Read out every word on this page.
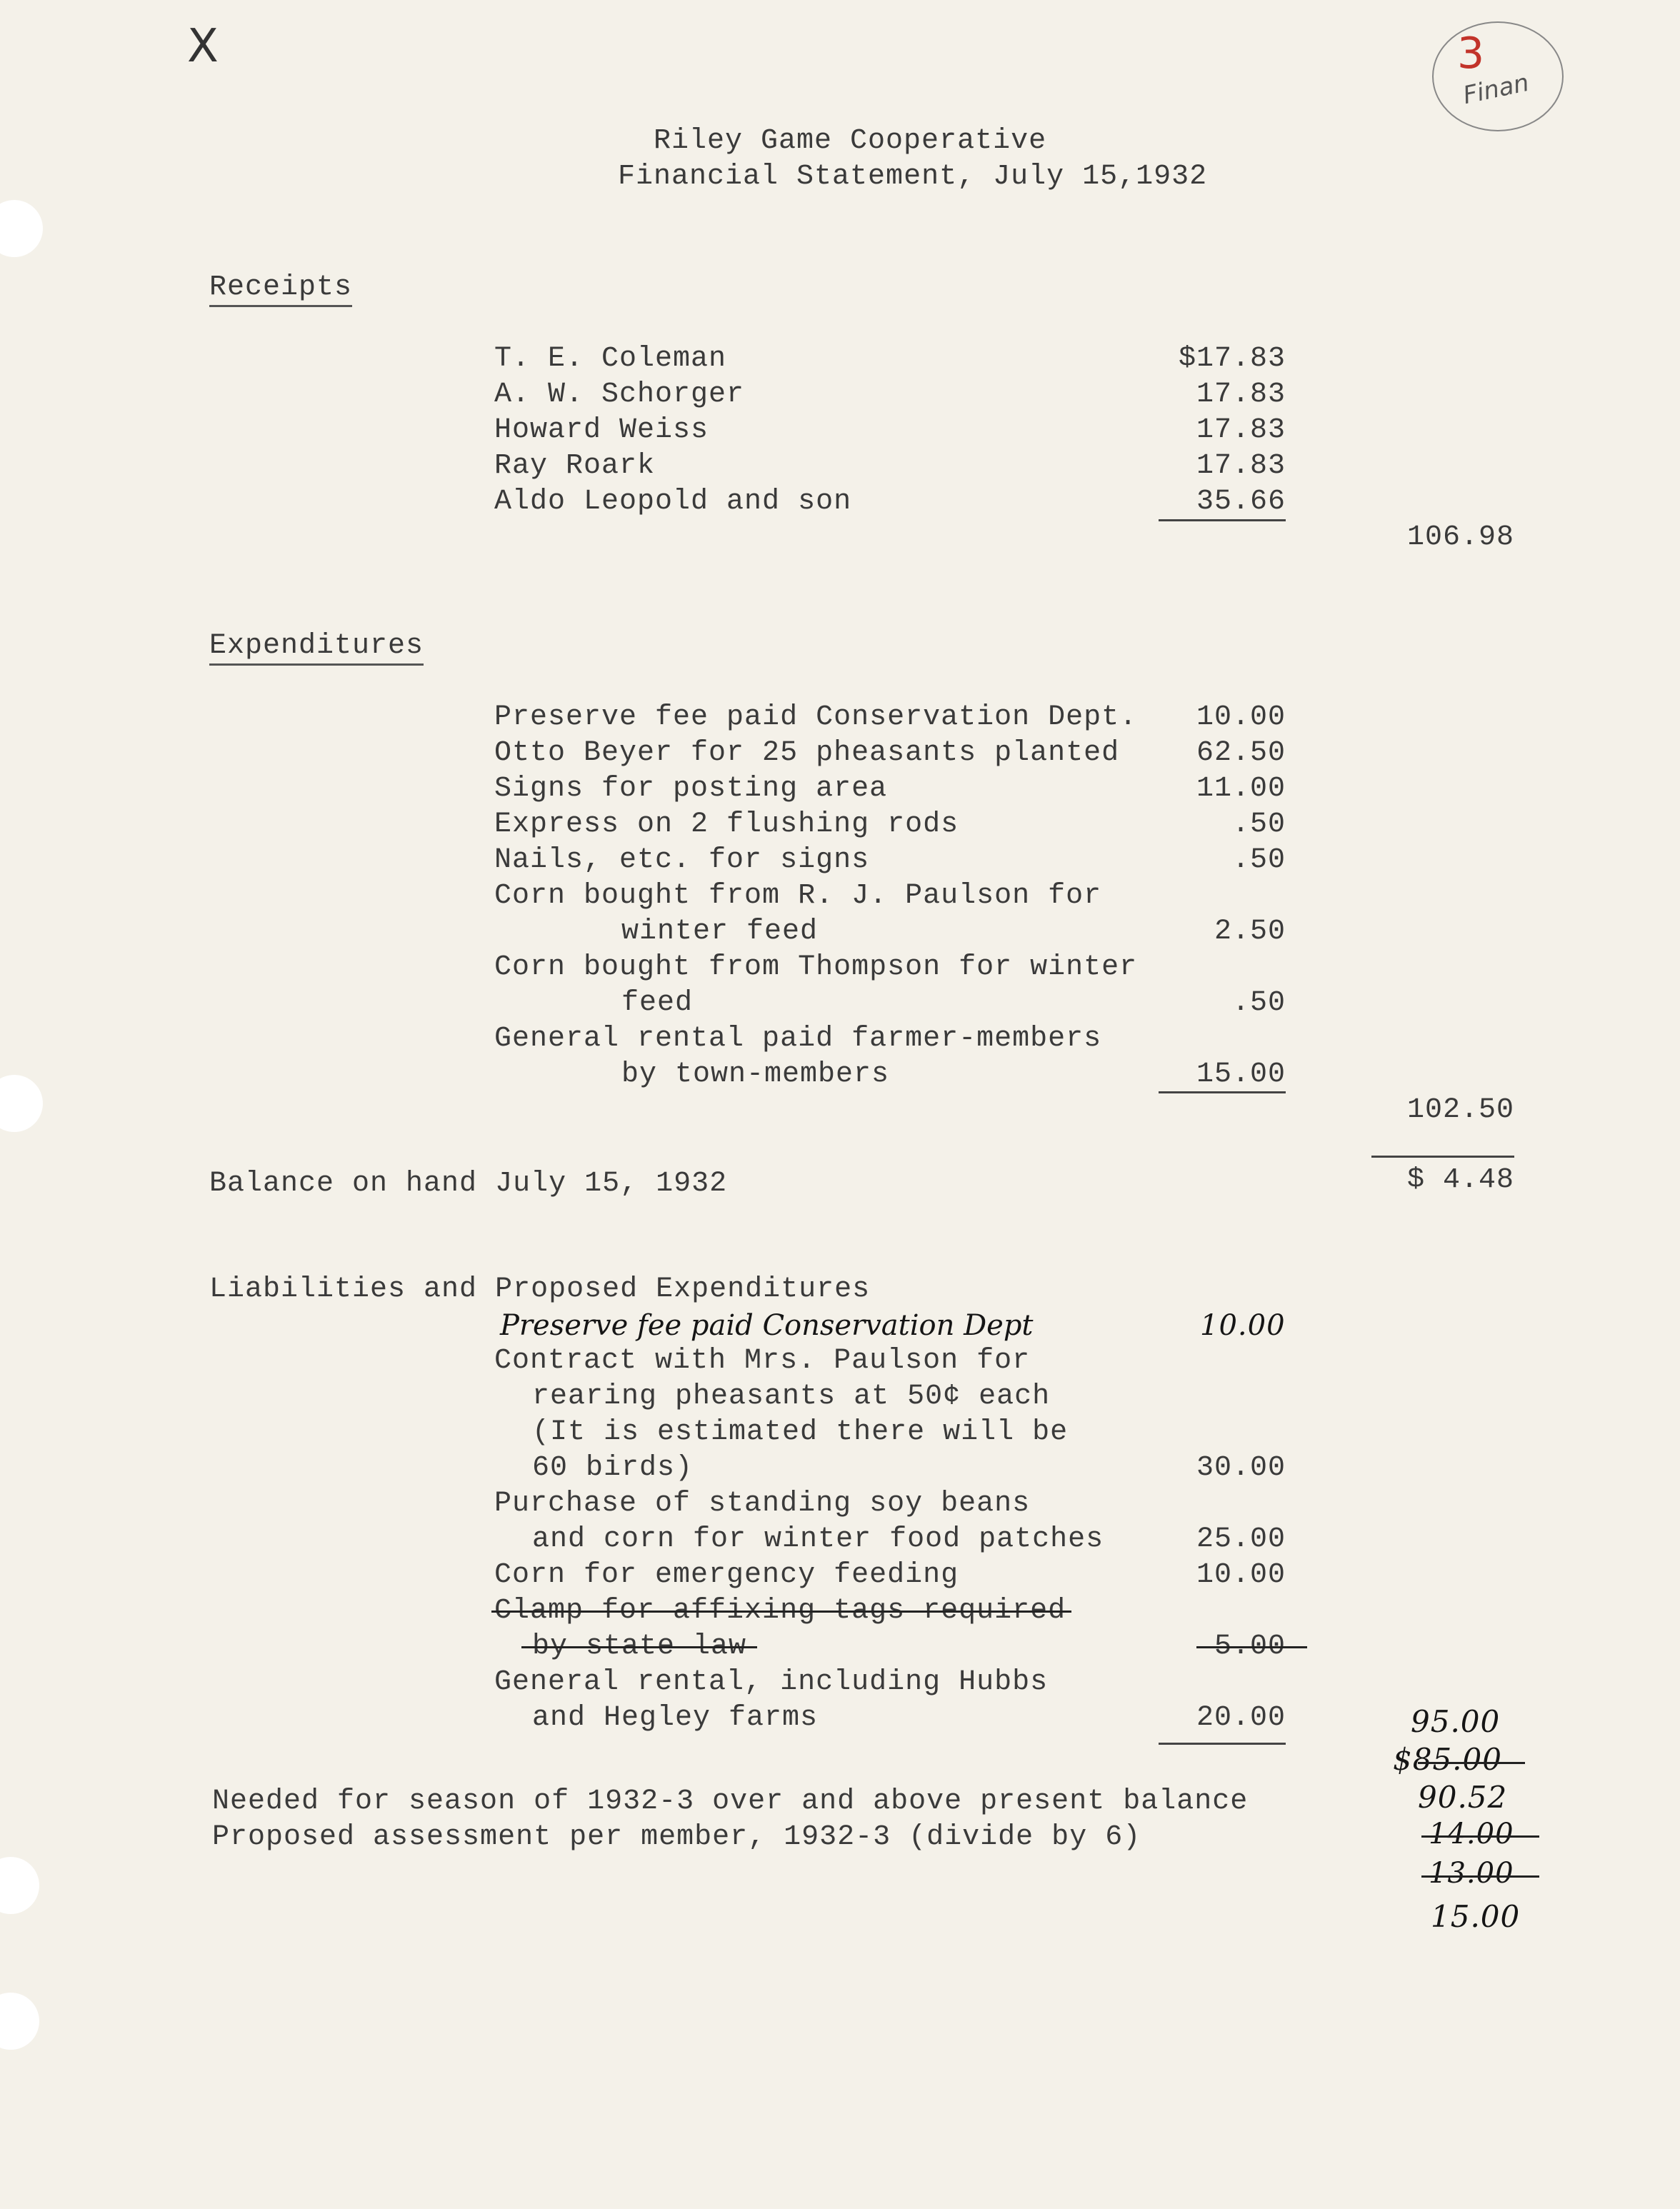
X	3
Finan
Riley Game Cooperative
Financial Statement, July 15,1932
Receipts
T. E. Coleman	$17.83
A. W. Schorger	17.83
Howard Weiss	17.83
Ray Roark	17.83
Aldo Leopold and son	35.66
106.98
Expenditures
Preserve fee paid Conservation Dept.	10.00
Otto Beyer for 25 pheasants planted	62.50
Signs for posting area	11.00
Express on 2 flushing rods	.50
Nails, etc. for signs	.50
Corn bought from R. J. Paulson for
winter feed	2.50
Corn bought from Thompson for winter
feed	.50
General rental paid farmer-members
by town-members	15.00
102.50
Balance on hand July 15, 1932	$ 4.48
Liabilities and Proposed Expenditures
Preserve fee paid Conservation Dept	10.00
Contract with Mrs. Paulson for
rearing pheasants at 50¢ each
(It is estimated there will be
60 birds)	30.00
Purchase of standing soy beans
and corn for winter food patches	25.00
Corn for emergency feeding	10.00
Clamp for affixing tags required
by state law	5.00
General rental, including Hubbs
and Hegley farms	20.00	95.00
$85.00
Needed for season of 1932-3 over and above present balance	90.52
Proposed assessment per member, 1932-3 (divide by 6)	14.00
13.00
15.00
